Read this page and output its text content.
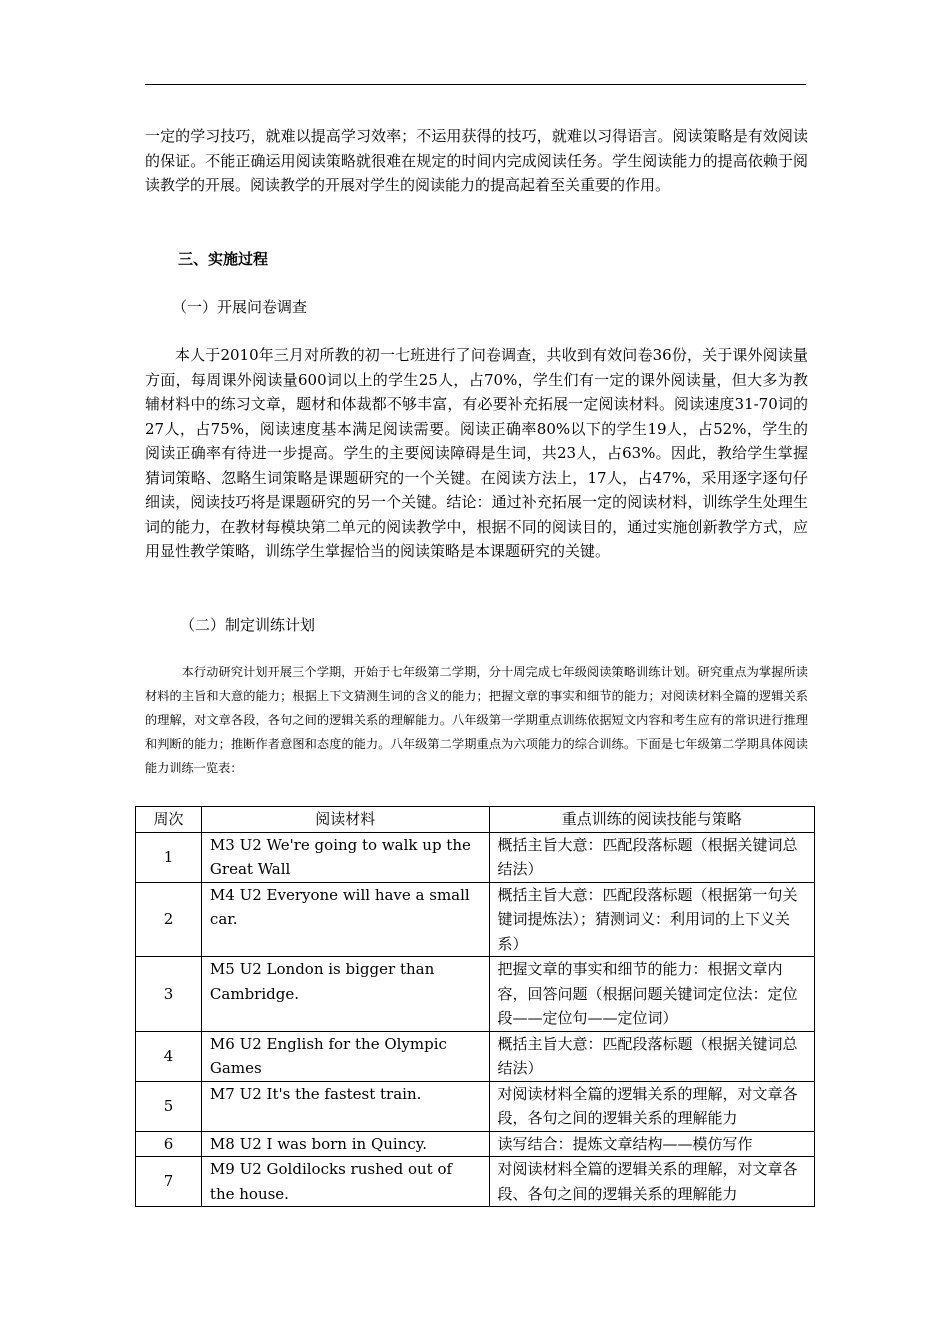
一定的学习技巧，就难以提高学习效率；不运用获得的技巧，就难以习得语言。阅读策略是有效阅读的保证。不能正确运用阅读策略就很难在规定的时间内完成阅读任务。学生阅读能力的提高依赖于阅读教学的开展。阅读教学的开展对学生的阅读能力的提高起着至关重要的作用。

三、实施过程

（一）开展问卷调查

本人于2010年三月对所教的初一七班进行了问卷调查，共收到有效问卷36份，关于课外阅读量方面，每周课外阅读量600词以上的学生25人，占70%，学生们有一定的课外阅读量，但大多为教辅材料中的练习文章，题材和体裁都不够丰富，有必要补充拓展一定阅读材料。阅读速度31-70词的27人，占75%，阅读速度基本满足阅读需要。阅读正确率80%以下的学生19人，占52%，学生的阅读正确率有待进一步提高。学生的主要阅读障碍是生词，共23人，占63%。因此，教给学生掌握猜词策略、忽略生词策略是课题研究的一个关键。在阅读方法上，17人，占47%，采用逐字逐句仔细读，阅读技巧将是课题研究的另一个关键。结论：通过补充拓展一定的阅读材料，训练学生处理生词的能力，在教材每模块第二单元的阅读教学中，根据不同的阅读目的，通过实施创新教学方式，应用显性教学策略，训练学生掌握恰当的阅读策略是本课题研究的关键。

（二）制定训练计划

本行动研究计划开展三个学期，开始于七年级第二学期，分十周完成七年级阅读策略训练计划。研究重点为掌握所读材料的主旨和大意的能力；根据上下文猜测生词的含义的能力；把握文章的事实和细节的能力；对阅读材料全篇的逻辑关系的理解，对文章各段，各句之间的逻辑关系的理解能力。八年级第一学期重点训练依据短文内容和考生应有的常识进行推理和判断的能力；推断作者意图和态度的能力。八年级第二学期重点为六项能力的综合训练。下面是七年级第二学期具体阅读能力训练一览表：

周次	阅读材料	重点训练的阅读技能与策略
1	M3 U2 We're going to walk up the Great Wall	概括主旨大意：匹配段落标题（根据关键词总结法）
2	M4 U2 Everyone will have a small car.	概括主旨大意：匹配段落标题（根据第一句关键词提炼法）；猜测词义：利用词的上下义关系）
3	M5 U2 London is bigger than Cambridge.	把握文章的事实和细节的能力：根据文章内容，回答问题（根据问题关键词定位法：定位段——定位句——定位词）
4	M6 U2 English for the Olympic Games	概括主旨大意：匹配段落标题（根据关键词总结法）
5	M7 U2 It's the fastest train.	对阅读材料全篇的逻辑关系的理解，对文章各段，各句之间的逻辑关系的理解能力
6	M8 U2 I was born in Quincy.	读写结合：提炼文章结构——模仿写作
7	M9 U2 Goldilocks rushed out of the house.	对阅读材料全篇的逻辑关系的理解，对文章各段、各句之间的逻辑关系的理解能力
